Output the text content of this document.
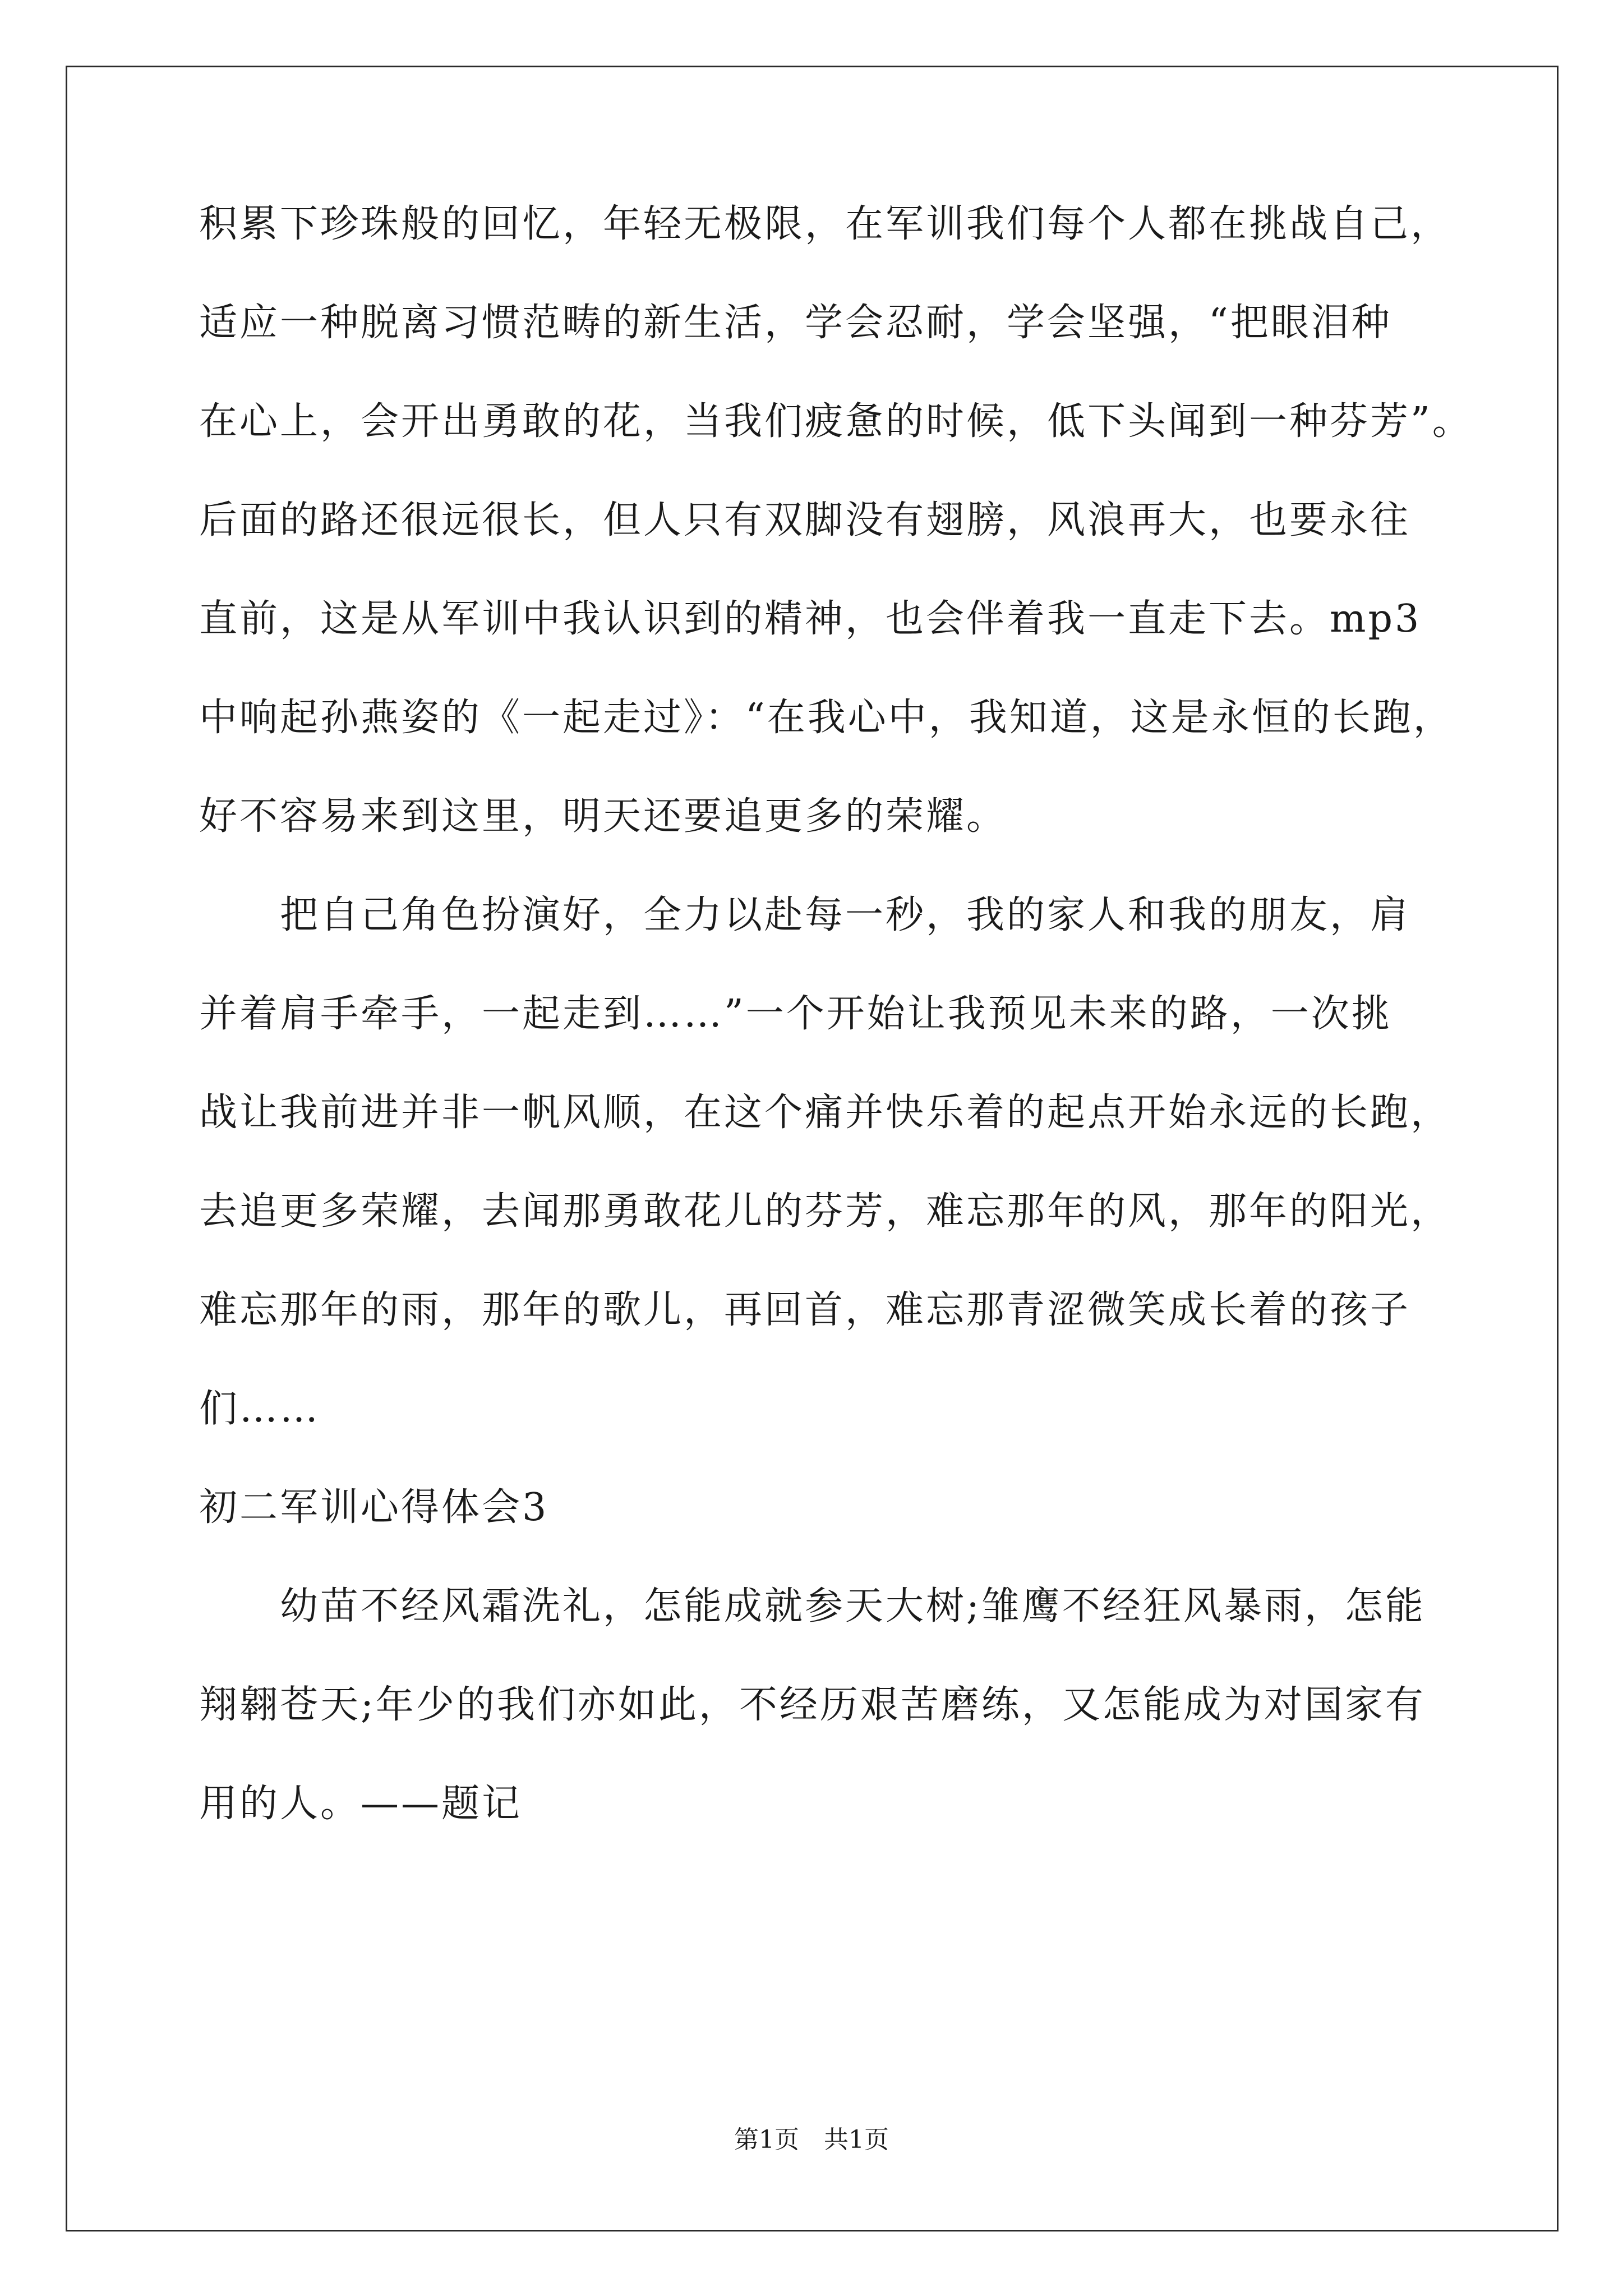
积累下珍珠般的回忆，年轻无极限，在军训我们每个人都在挑战自己，
适应一种脱离习惯范畴的新生活，学会忍耐，学会坚强，“把眼泪种
在心上，会开出勇敢的花，当我们疲惫的时候，低下头闻到一种芬芳”。
后面的路还很远很长，但人只有双脚没有翅膀，风浪再大，也要永往
直前，这是从军训中我认识到的精神，也会伴着我一直走下去。mp3
中响起孙燕姿的《一起走过》：“在我心中，我知道，这是永恒的长跑，
好不容易来到这里，明天还要追更多的荣耀。
把自己角色扮演好，全力以赴每一秒，我的家人和我的朋友，肩
并着肩手牵手，一起走到……”一个开始让我预见未来的路，一次挑
战让我前进并非一帆风顺，在这个痛并快乐着的起点开始永远的长跑，
去追更多荣耀，去闻那勇敢花儿的芬芳，难忘那年的风，那年的阳光，
难忘那年的雨，那年的歌儿，再回首，难忘那青涩微笑成长着的孩子
们……
初二军训心得体会3
幼苗不经风霜洗礼，怎能成就参天大树;雏鹰不经狂风暴雨，怎能
翔翱苍天;年少的我们亦如此，不经历艰苦磨练，又怎能成为对国家有
用的人。——题记
第1页 共1页
